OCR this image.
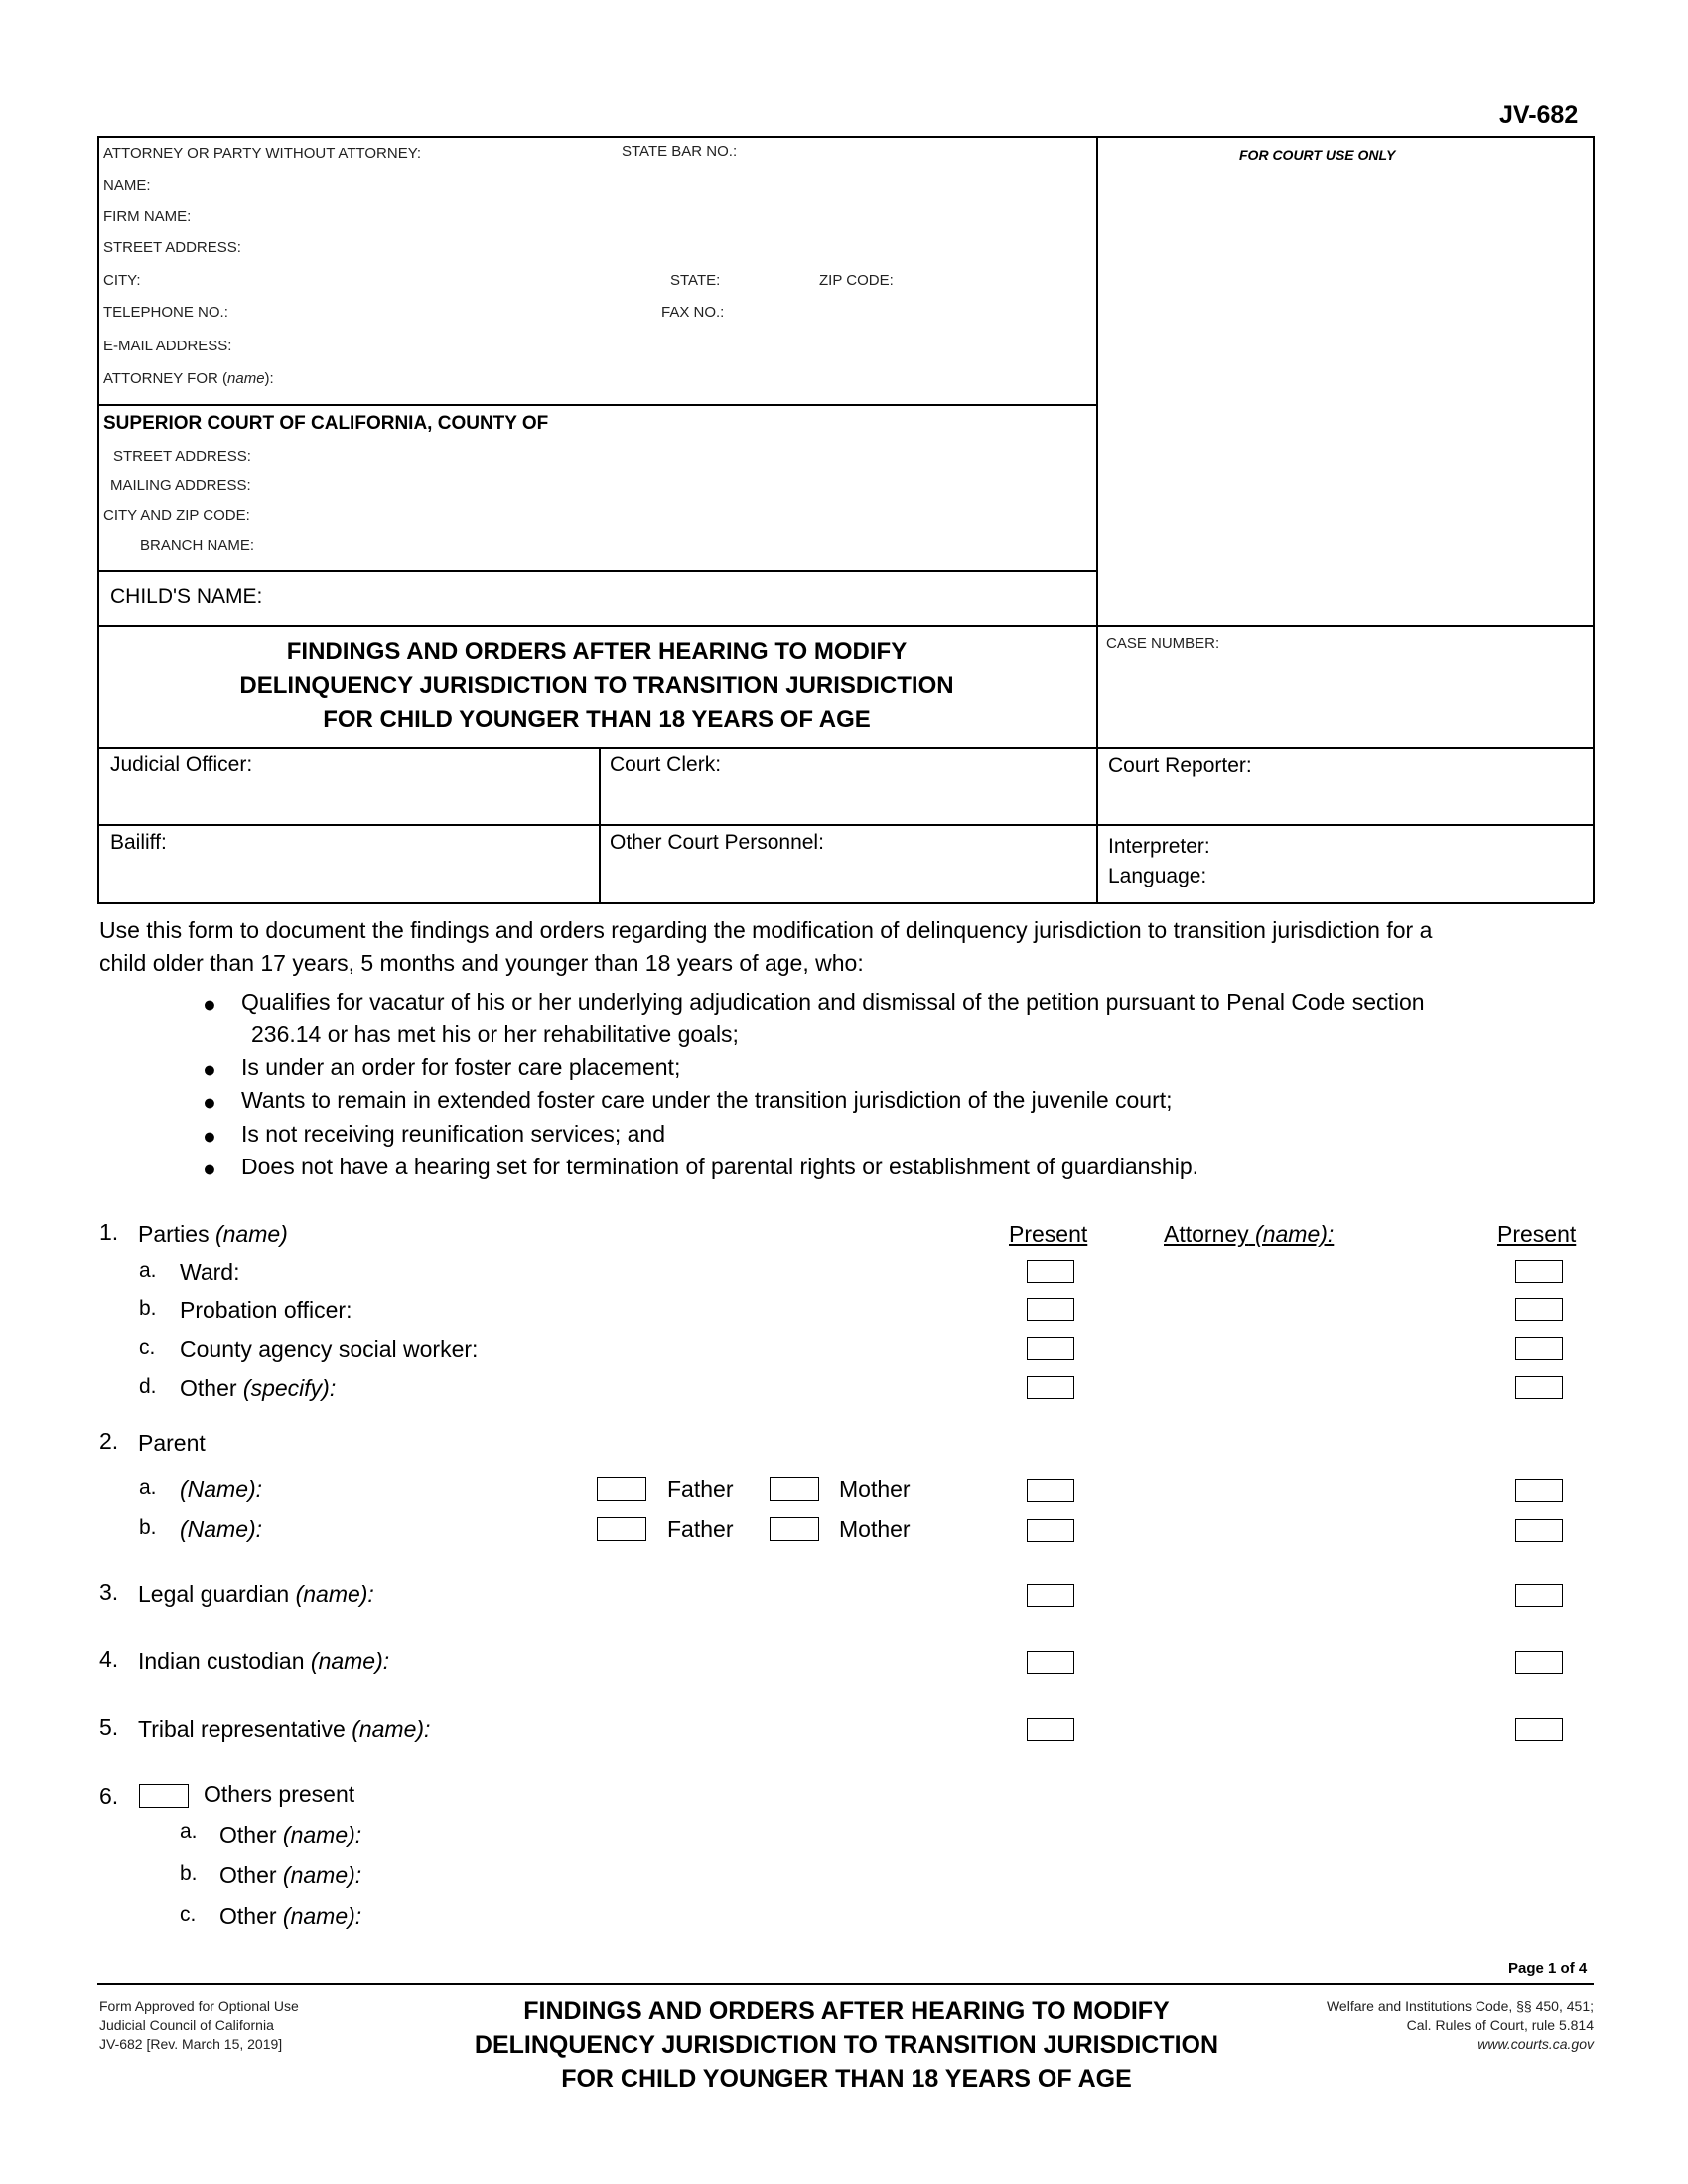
JV-682
ATTORNEY OR PARTY WITHOUT ATTORNEY:	STATE BAR NO.:
NAME:
FIRM NAME:
STREET ADDRESS:
CITY:	STATE:	ZIP CODE:
TELEPHONE NO.:	FAX NO.:
E-MAIL ADDRESS:
ATTORNEY FOR (name):
FOR COURT USE ONLY
SUPERIOR COURT OF CALIFORNIA, COUNTY OF
STREET ADDRESS:
MAILING ADDRESS:
CITY AND ZIP CODE:
BRANCH NAME:
CHILD'S NAME:
FINDINGS AND ORDERS AFTER HEARING TO MODIFY
DELINQUENCY JURISDICTION TO TRANSITION JURISDICTION
FOR CHILD YOUNGER THAN 18 YEARS OF AGE
CASE NUMBER:
Judicial Officer:	Court Clerk:	Court Reporter:
Bailiff:	Other Court Personnel:	Interpreter:
Language:
Use this form to document the findings and orders regarding the modification of delinquency jurisdiction to transition jurisdiction for a
child older than 17 years, 5 months and younger than 18 years of age, who:
● Qualifies for vacatur of his or her underlying adjudication and dismissal of the petition pursuant to Penal Code section
236.14 or has met his or her rehabilitative goals;
● Is under an order for foster care placement;
● Wants to remain in extended foster care under the transition jurisdiction of the juvenile court;
● Is not receiving reunification services; and
● Does not have a hearing set for termination of parental rights or establishment of guardianship.
1. Parties (name)	Present	Attorney (name):	Present
a. Ward:
b. Probation officer:
c. County agency social worker:
d. Other (specify):
2. Parent
a. (Name):	Father	Mother
b. (Name):	Father	Mother
3. Legal guardian (name):
4. Indian custodian (name):
5. Tribal representative (name):
6.	Others present
a. Other (name):
b. Other (name):
c. Other (name):
Page 1 of 4
Form Approved for Optional Use
Judicial Council of California
JV-682 [Rev. March 15, 2019]
FINDINGS AND ORDERS AFTER HEARING TO MODIFY
DELINQUENCY JURISDICTION TO TRANSITION JURISDICTION
FOR CHILD YOUNGER THAN 18 YEARS OF AGE
Welfare and Institutions Code, §§ 450, 451;
Cal. Rules of Court, rule 5.814
www.courts.ca.gov
